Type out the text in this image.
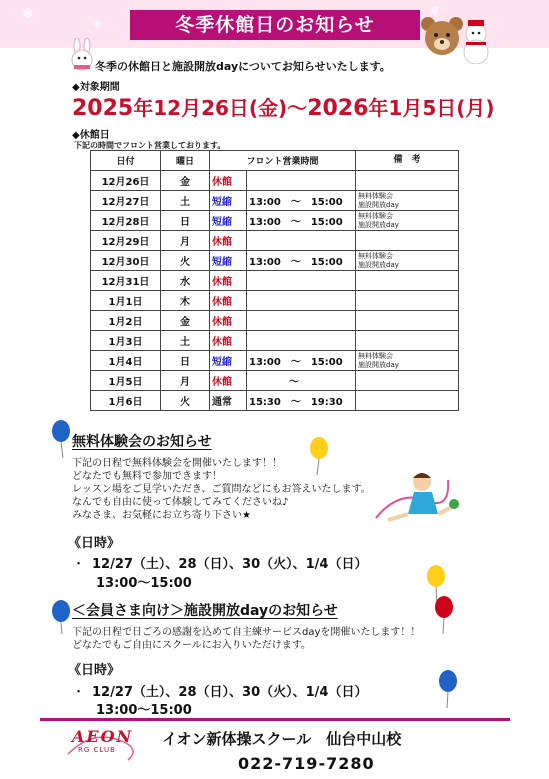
❄
❄
❄
冬季休館日のお知らせ
冬季の休館日と施設開放dayについてお知らせいたします。
◆対象期間
2025年12月26日(金)～2026年1月5日(月)
◆休館日
下記の時間でフロント営業しております。
日付	曜日	フロント営業時間		備　考
12月26日	金	休館		
12月27日	土	短縮	13:00　～　15:00	無料体験会
施設開放day
12月28日	日	短縮	13:00　～　15:00	無料体験会
施設開放day
12月29日	月	休館		
12月30日	火	短縮	13:00　～　15:00	無料体験会
施設開放day
12月31日	水	休館		
1月1日	木	休館		
1月2日	金	休館		
1月3日	土	休館		
1月4日	日	短縮	13:00　～　15:00	無料体験会
施設開放day
1月5日	月	休館	　　　　～	
1月6日	火	通常	15:30　～　19:30	
無料体験会のお知らせ
下記の日程で無料体験会を開催いたします！！
どなたでも無料で参加できます！
レッスン場をご見学いただき、ご質問などにもお答えいたします。
なんでも自由に使って体験してみてくださいね♪
みなさま、お気軽にお立ち寄り下さい★
《日時》
・ 12/27（土）、28（日）、30（火）、1/4（日）
13:00～15:00
＜会員さま向け＞施設開放dayのお知らせ
下記の日程で日ごろの感謝を込めて自主練サービスdayを開催いたします！！
どなたでもご自由にスクールにお入りいただけます。
《日時》
・ 12/27（土）、28（日）、30（火）、1/4（日）
13:00～15:00
AEON
RG CLUB
イオン新体操スクール　仙台中山校
022-719-7280
